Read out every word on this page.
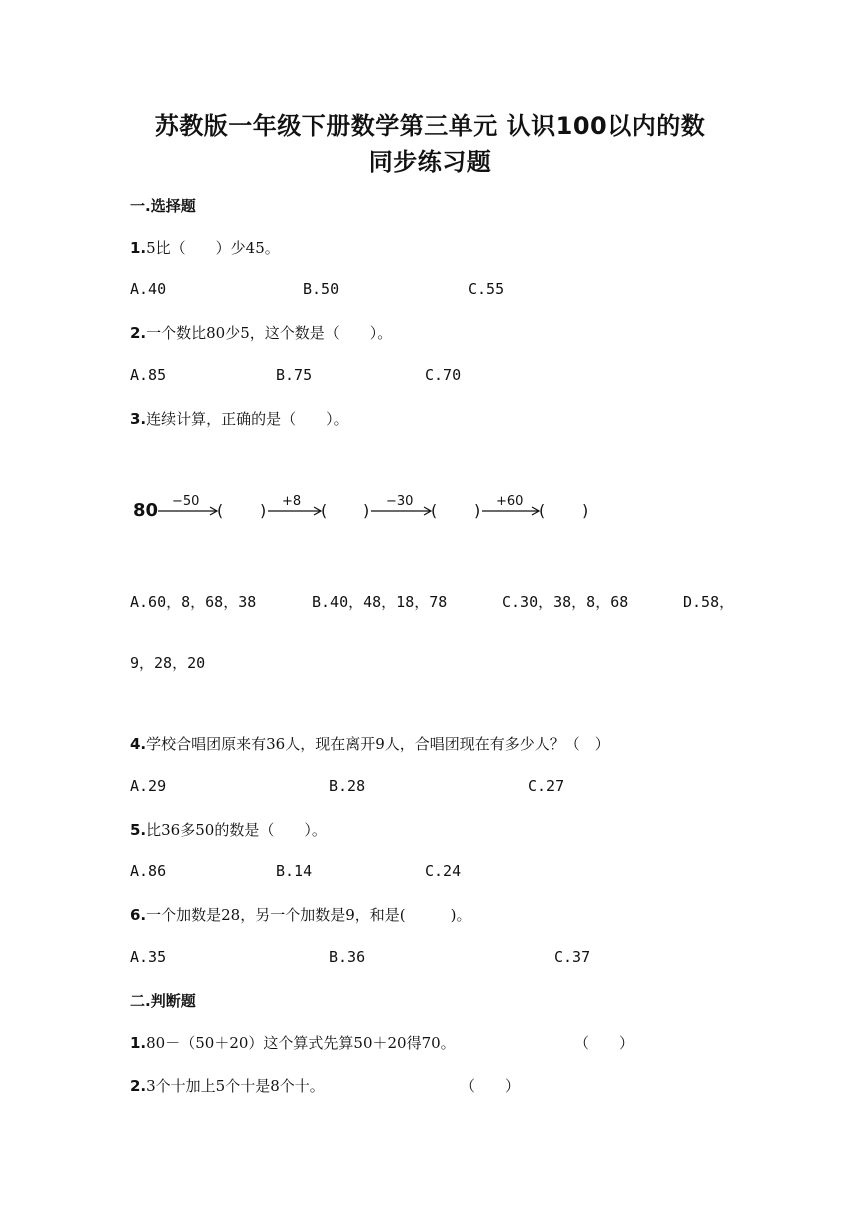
苏教版一年级下册数学第三单元 认识100以内的数
同步练习题
一.选择题
1.5比（　　）少45。
A.40	B.50	C.55
2.一个数比80少5，这个数是（　　）。
A.85	B.75	C.70
3.连续计算，正确的是（　　）。
80 −50 ( ) +8 ( ) −30 ( ) +60 ( )
A.60，8，68，38	B.40，48，18，78	C.30，38，8，68	D.58，
9，28，20
4.学校合唱团原来有36人，现在离开9人，合唱团现在有多少人？（　）
A.29	B.28	C.27
5.比36多50的数是（　　）。
A.86	B.14	C.24
6.一个加数是28，另一个加数是9，和是(　　　)。
A.35	B.36	C.37
二.判断题
1.80－（50＋20）这个算式先算50＋20得70。	（　　）
2.3个十加上5个十是8个十。	（　　）
